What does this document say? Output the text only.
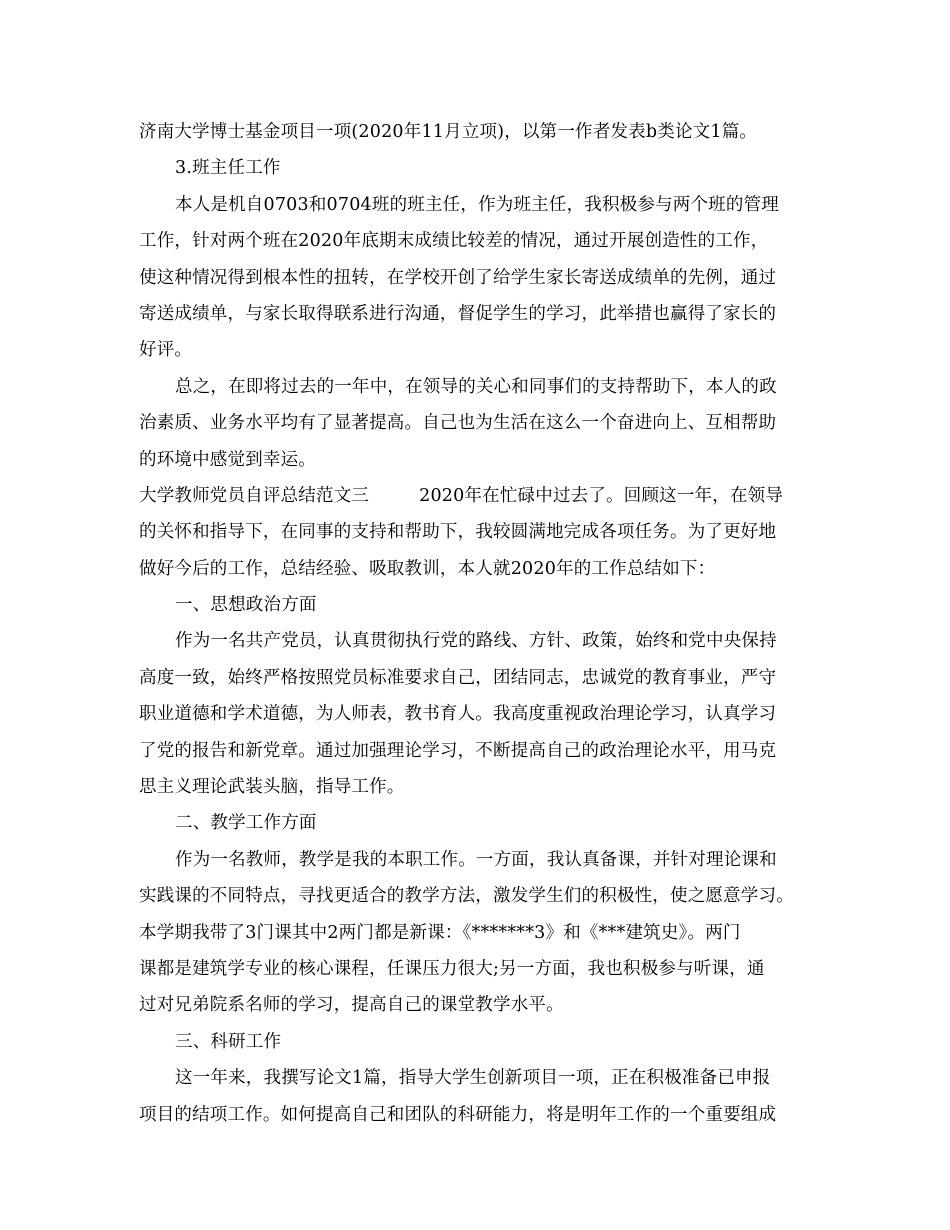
济南大学博士基金项目一项(2020年11月立项)，以第一作者发表b类论文1篇。
3.班主任工作
本人是机自0703和0704班的班主任，作为班主任，我积极参与两个班的管理
工作，针对两个班在2020年底期末成绩比较差的情况，通过开展创造性的工作，
使这种情况得到根本性的扭转，在学校开创了给学生家长寄送成绩单的先例，通过
寄送成绩单，与家长取得联系进行沟通，督促学生的学习，此举措也赢得了家长的
好评。
总之，在即将过去的一年中，在领导的关心和同事们的支持帮助下，本人的政
治素质、业务水平均有了显著提高。自己也为生活在这么一个奋进向上、互相帮助
的环境中感觉到幸运。
大学教师党员自评总结范文三	2020年在忙碌中过去了。回顾这一年，在领导
的关怀和指导下，在同事的支持和帮助下，我较圆满地完成各项任务。为了更好地
做好今后的工作，总结经验、吸取教训，本人就2020年的工作总结如下：
一、思想政治方面
作为一名共产党员，认真贯彻执行党的路线、方针、政策，始终和党中央保持
高度一致，始终严格按照党员标准要求自己，团结同志，忠诚党的教育事业，严守
职业道德和学术道德，为人师表，教书育人。我高度重视政治理论学习，认真学习
了党的报告和新党章。通过加强理论学习，不断提高自己的政治理论水平，用马克
思主义理论武装头脑，指导工作。
二、教学工作方面
作为一名教师，教学是我的本职工作。一方面，我认真备课，并针对理论课和
实践课的不同特点，寻找更适合的教学方法，激发学生们的积极性，使之愿意学习。
本学期我带了3门课其中2两门都是新课：《*******3》和《***建筑史》。两门
课都是建筑学专业的核心课程，任课压力很大;另一方面，我也积极参与听课，通
过对兄弟院系名师的学习，提高自己的课堂教学水平。
三、科研工作
这一年来，我撰写论文1篇，指导大学生创新项目一项，正在积极准备已申报
项目的结项工作。如何提高自己和团队的科研能力，将是明年工作的一个重要组成
